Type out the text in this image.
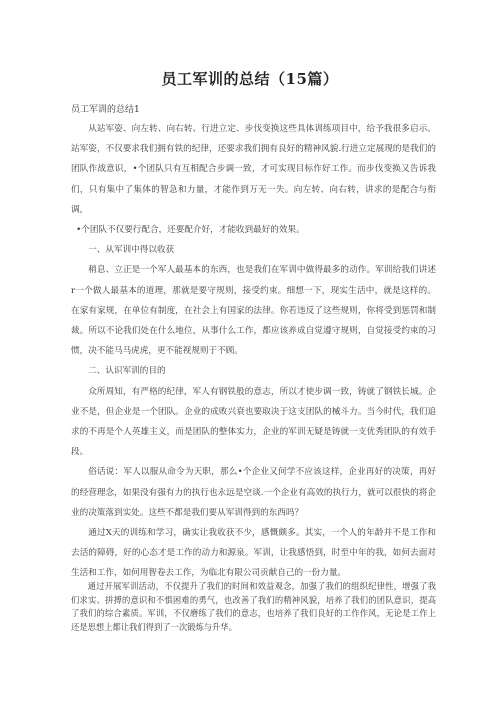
员工军训的总结（15篇）
员工军训的总结1

从站军姿、向左转、向右转、行进立定、步伐变换这些具体训练项目中，给予我很多启示。站军姿，不仅要求我们拥有铁的纪律，还要求我们拥有良好的精神风貌.行进立定展现的是我们的团队作战意识，•个团队只有互相配合步调一致，才可实现目标作好工作。而步伐变换又告诉我们，只有集中了集体的智急和力量，才能作到万无一失。向左转、向右转，讲求的是配合与衔调，

•个团队不仅要行配合，还要配介好，才能收到最好的效果。

一、从军训中得以收获

稍息、立正是一个军人最基本的东西，也是我们在军训中做得最多的动作。军训给我们讲述r一个做人最基本的道理，那就是要守规则，接受约束。细想一下，现实生活中，就是这样的。在家有家规，在单位有制度，在社会上有国家的法律。你若违反了这些规则，你将受到惩罚和制裁。所以不论我们处在什么地位，从事什么工作，都应该养成自觉遵守规则，自觉接受约束的习惯，决不能马马虎虎，更不能视规则于不顾。

二、认识军训的目的

众所周知，有严格的纪律，军人有钢铁般的意志，所以才使步调一致，铸就了钢铁长城。企业不是，但企业是一个团队。企业的成败兴衰也要取决于这支团队的械斗力。当今时代，我们追求的不再是个人英雄主义，而是团队的整体实力，企业的军训无疑是铸就一支优秀团队的有效手段。

俗话说：军人以服从命令为天职，那么•个企业又何学不应该这样，企业再好的决策，再好的经营理念，如果没有强有力的执行也永远是空谈.一个企业有高效的执行力，就可以很快的将企业的决策落到实处。这些不都是我们要从军训得到的东西吗？

通过X天的训练和学习，确实让我收获不少，感慨颇多。其实，一个人的年龄并不是工作和去活的障碍，好的心态才是工作的动力和源泉。军训，让我感悟到，时至中年的我，如何去面对生活和工作，如何用智卷去工作，为临北有限公司贡献自己的一份力量。

通过开展军训活动，不仅提升了我们的时间和效益观念，加强了我们的组织纪律性，增强了我们求实、拼搏的意识和不惧困难的勇气，也改善了我们的精神风貌，培养了我们的团队意识，提高了我们的综合素质。军训，不仅磨练了我们的意志，也培养了我们良好的工作作风，无论是工作上还是思想上都让我们得到了一次锻炼与升华。
